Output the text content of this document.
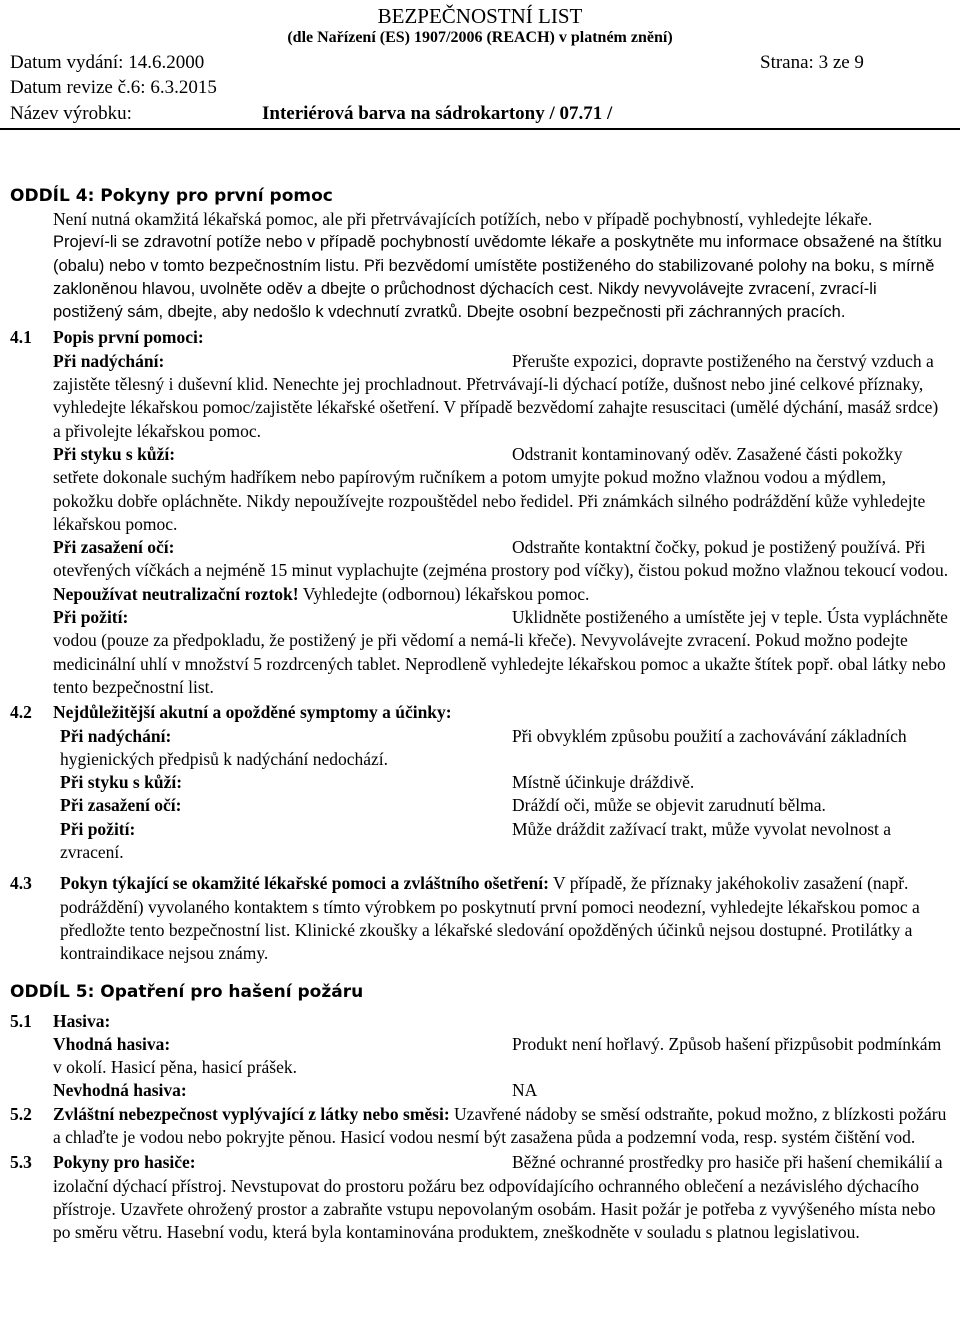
BEZPEČNOSTNÍ LIST
(dle Nařízení (ES) 1907/2006 (REACH) v platném znění)
Datum vydání: 14.6.2000	Strana: 3 ze 9
Datum revize č.6: 6.3.2015
Název výrobku:	Interiérová barva na sádrokartony / 07.71 /
ODDÍL 4: Pokyny pro první pomoc
Není nutná okamžitá lékařská pomoc, ale při přetrvávajících potížích, nebo v případě pochybností, vyhledejte lékaře.
Projeví-li se zdravotní potíže nebo v případě pochybností uvědomte lékaře a poskytněte mu informace obsažené na štítku (obalu) nebo v tomto bezpečnostním listu. Při bezvědomí umístěte postiženého do stabilizované polohy na boku, s mírně zakloněnou hlavou, uvolněte oděv a dbejte o průchodnost dýchacích cest. Nikdy nevyvolávejte zvracení, zvrací-li postižený sám, dbejte, aby nedošlo k vdechnutí zvratků. Dbejte osobní bezpečnosti při záchranných pracích.
4.1 Popis první pomoci:
Při nadýchání:	Přerušte expozici, dopravte postiženého na čerstvý vzduch a zajistěte tělesný i duševní klid. Nenechte jej prochladnout. Přetrvávají-li dýchací potíže, dušnost nebo jiné celkové příznaky, vyhledejte lékařskou pomoc/zajistěte lékařské ošetření. V případě bezvědomí zahajte resuscitaci (umělé dýchání, masáž srdce) a přivolejte lékařskou pomoc.
Při styku s kůží:	Odstranit kontaminovaný oděv. Zasažené části pokožky setřete dokonale suchým hadříkem nebo papírovým ručníkem a potom umyjte pokud možno vlažnou vodou a mýdlem, pokožku dobře opláchněte. Nikdy nepoužívejte rozpouštědel nebo ředidel. Při známkách silného podráždění kůže vyhledejte lékařskou pomoc.
Při zasažení očí:	Odstraňte kontaktní čočky, pokud je postižený používá. Při otevřených víčkách a nejméně 15 minut vyplachujte (zejména prostory pod víčky), čistou pokud možno vlažnou tekoucí vodou. Nepoužívat neutralizační roztok! Vyhledejte (odbornou) lékařskou pomoc.
Při požití:	Uklidněte postiženého a umístěte jej v teple. Ústa vypláchněte vodou (pouze za předpokladu, že postižený je při vědomí a nemá-li křeče). Nevyvolávejte zvracení. Pokud možno podejte medicinální uhlí v množství 5 rozdrcených tablet. Neprodleně vyhledejte lékařskou pomoc a ukažte štítek popř. obal látky nebo tento bezpečnostní list.
4.2 Nejdůležitější akutní a opožděné symptomy a účinky:
Při nadýchání:	Při obvyklém způsobu použití a zachovávání základních hygienických předpisů k nadýchání nedochází.
Při styku s kůží:	Místně účinkuje dráždivě.
Při zasažení očí:	Dráždí oči, může se objevit zarudnutí bělma.
Při požití:	Může dráždit zažívací trakt, může vyvolat nevolnost a zvracení.
4.3	Pokyn týkající se okamžité lékařské pomoci a zvláštního ošetření: V případě, že příznaky jakéhokoliv zasažení (např. podráždění) vyvolaného kontaktem s tímto výrobkem po poskytnutí první pomoci neodezní, vyhledejte lékařskou pomoc a předložte tento bezpečnostní list. Klinické zkoušky a lékařské sledování opožděných účinků nejsou dostupné. Protilátky a kontraindikace nejsou známy.
ODDÍL 5: Opatření pro hašení požáru
5.1 Hasiva:
Vhodná hasiva:	Produkt není hořlavý. Způsob hašení přizpůsobit podmínkám v okolí. Hasicí pěna, hasicí prášek.
Nevhodná hasiva:	NA
5.2 Zvláštní nebezpečnost vyplývající z látky nebo směsi: Uzavřené nádoby se směsí odstraňte, pokud možno, z blízkosti požáru a chlaďte je vodou nebo pokryjte pěnou. Hasicí vodou nesmí být zasažena půda a podzemní voda, resp. systém čištění vod.
5.3 Pokyny pro hasiče:	Běžné ochranné prostředky pro hasiče při hašení chemikálií a izolační dýchací přístroj. Nevstupovat do prostoru požáru bez odpovídajícího ochranného oblečení a nezávislého dýchacího přístroje. Uzavřete ohrožený prostor a zabraňte vstupu nepovolaným osobám. Hasit požár je potřeba z vyvýšeného místa nebo po směru větru. Hasební vodu, která byla kontaminována produktem, zneškodněte v souladu s platnou legislativou.
